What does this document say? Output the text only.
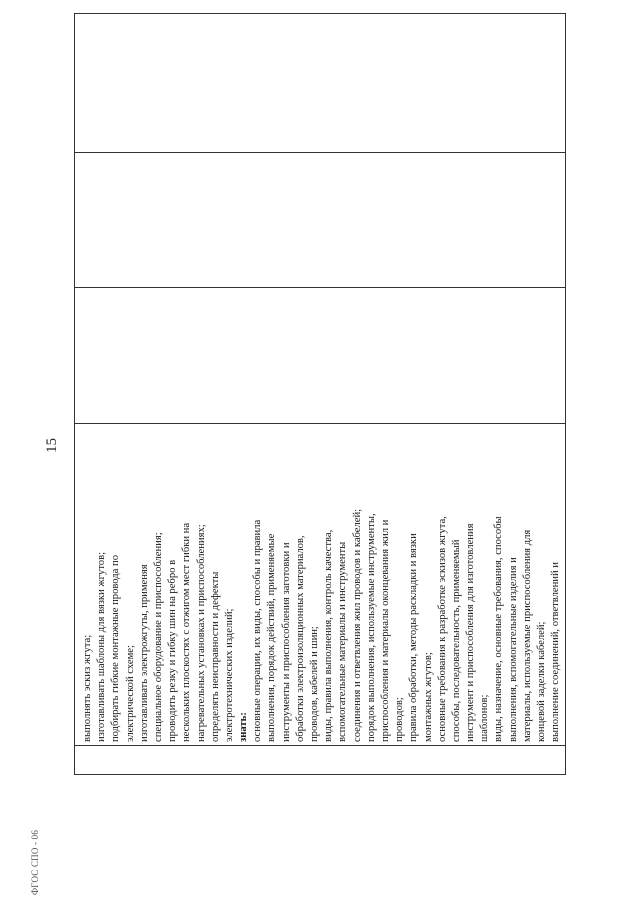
ФГОС СПО - 06
15
выполнять эскиз жгута; изготавливать шаблоны для вязки жгутов; подбирать гибкие монтажные провода по электрической схеме; изготавливать электрожгуты, применяя специальное оборудование и приспособления; проводить резку и гибку шин на ребро в нескольких плоскостях с отжигом мест гибки на нагревательных установках и приспособлениях; определять неисправности и дефекты электротехнических изделий; знать: основные операции, их виды, способы и правила выполнения, порядок действий, применяемые инструменты и приспособления заготовки и обработки электроизоляционных материалов, проводов, кабелей и шин; виды, правила выполнения, контроль качества, вспомогательные материалы и инструменты соединения и ответвления жил проводов и кабелей; порядок выполнения, используемые инструменты, приспособления и материалы оконцевания жил и проводов; правила обработки, методы раскладки и вязки монтажных жгутов; основные требования к разработке эскизов жгута, способы, последовательность, применяемый инструмент и приспособления для изготовления шаблонов; виды, назначение, основные требования, способы выполнения, вспомогательные изделия и материалы, используемые приспособления для концевой заделки кабелей; выполнение соединений, ответвлений и
